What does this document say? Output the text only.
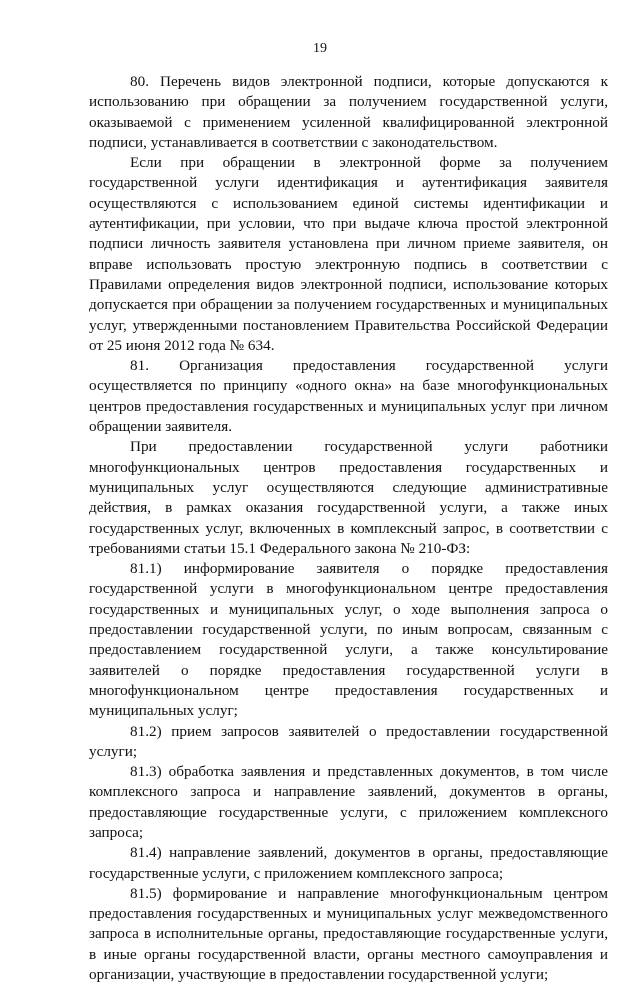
19

80. Перечень видов электронной подписи, которые допускаются к использованию при обращении за получением государственной услуги, оказываемой с применением усиленной квалифицированной электронной подписи, устанавливается в соответствии с законодательством.

Если при обращении в электронной форме за получением государственной услуги идентификация и аутентификация заявителя осуществляются с использованием единой системы идентификации и аутентификации, при условии, что при выдаче ключа простой электронной подписи личность заявителя установлена при личном приеме заявителя, он вправе использовать простую электронную подпись в соответствии с Правилами определения видов электронной подписи, использование которых допускается при обращении за получением государственных и муниципальных услуг, утвержденными постановлением Правительства Российской Федерации от 25 июня 2012 года № 634.

81. Организация предоставления государственной услуги осуществляется по принципу «одного окна» на базе многофункциональных центров предоставления государственных и муниципальных услуг при личном обращении заявителя.

При предоставлении государственной услуги работники многофункциональных центров предоставления государственных и муниципальных услуг осуществляются следующие административные действия, в рамках оказания государственной услуги, а также иных государственных услуг, включенных в комплексный запрос, в соответствии с требованиями статьи 15.1 Федерального закона № 210-ФЗ:

81.1) информирование заявителя о порядке предоставления государственной услуги в многофункциональном центре предоставления государственных и муниципальных услуг, о ходе выполнения запроса о предоставлении государственной услуги, по иным вопросам, связанным с предоставлением государственной услуги, а также консультирование заявителей о порядке предоставления государственной услуги в многофункциональном центре предоставления государственных и муниципальных услуг;

81.2) прием запросов заявителей о предоставлении государственной услуги;

81.3) обработка заявления и представленных документов, в том числе комплексного запроса и направление заявлений, документов в органы, предоставляющие государственные услуги, с приложением комплексного запроса;

81.4) направление заявлений, документов в органы, предоставляющие государственные услуги, с приложением комплексного запроса;

81.5) формирование и направление многофункциональным центром предоставления государственных и муниципальных услуг межведомственного запроса в исполнительные органы, предоставляющие государственные услуги, в иные органы государственной власти, органы местного самоуправления и организации, участвующие в предоставлении государственной услуги;
